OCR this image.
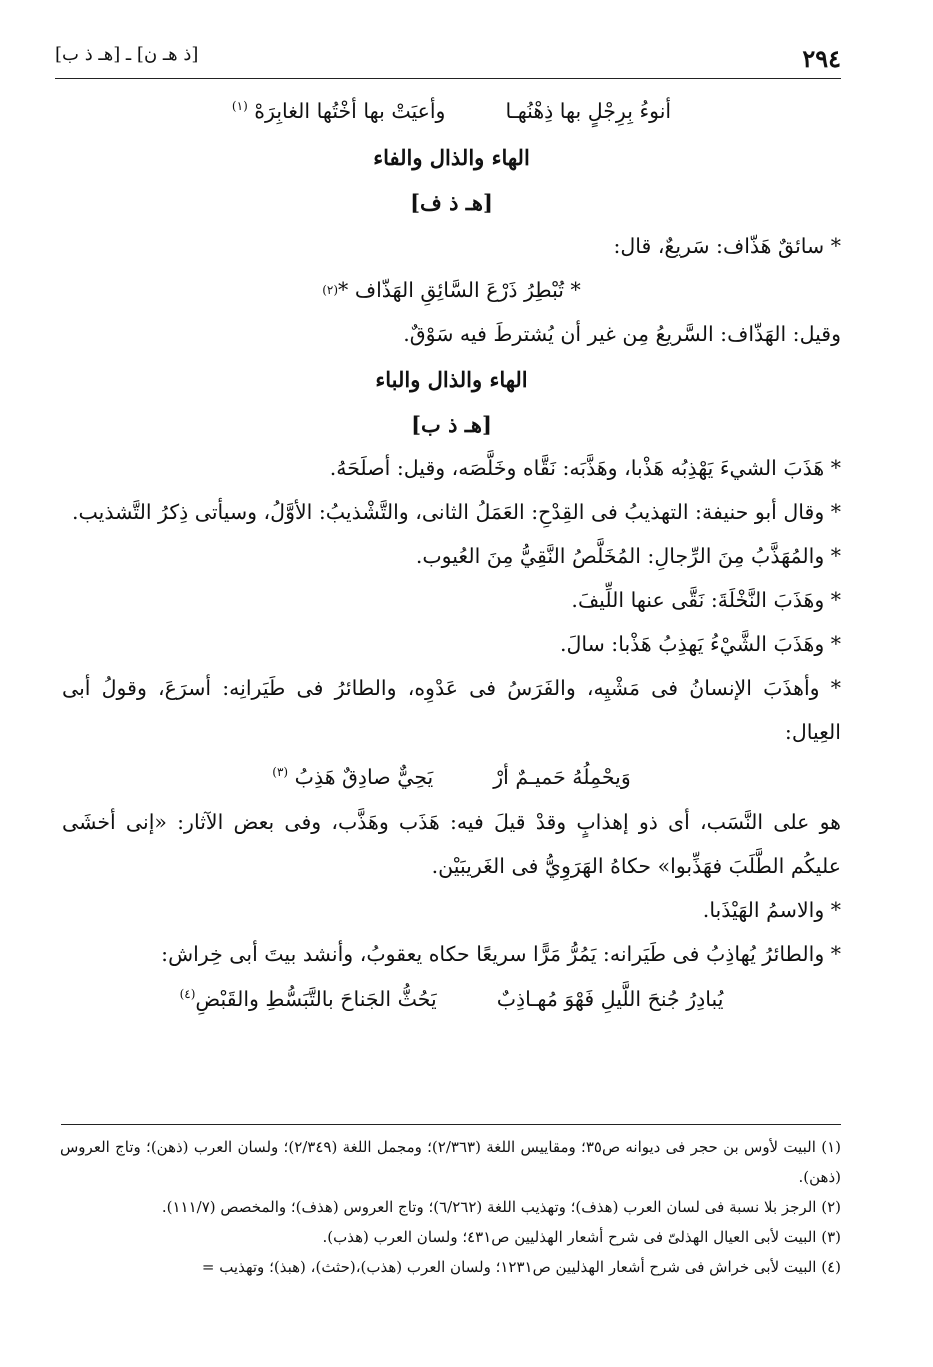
٢٩٤
[ذ هـ ن] ـ [هـ ذ ب]
أنوءُ بِرِجْلٍ بها ذِهْنُهـا
وأعيَتْ بها أخْتُها الغابِرَهْ $^{(١)}$
الهاء والذال والفاء
[هـ ذ ف]
* سائقٌ هَذّاف: سَريعٌ، قال:
* تُبْطِرُ ذَرْعَ السَّائِقِ الهَذّاف *
(٢)
وقيل: الهَذّاف: السَّريعُ مِن غير أن يُشترطَ فيه سَوْقٌ.
الهاء والذال والباء
[هـ ذ ب]
* هَذَبَ الشيءَ يَهْذِبُه هَذْبا، وهَذَّبَه: نَقَّاه وخَلَّصَه، وقيل: أصلَحَهُ.
* وقال أبو حنيفة: التهذيبُ فى القِدْحِ: العَمَلُ الثانى، والتَّشْذيبُ: الأوَّلُ، وسيأتى ذِكرُ التَّشذيب.
* والمُهَذَّبُ مِنَ الرِّجالِ: المُخَلَّصُ النَّقِيُّ مِنَ العُيوب.
* وهَذَبَ النَّخْلَةَ: نَقَّى عنها اللِّيفَ.
* وهَذَبَ الشَّيْءُ يَهذِبُ هَذْبا: سالَ.
* وأهذَبَ الإنسانُ فى مَشْيِه، والفَرَسُ فى عَدْوِه، والطائرُ فى طَيَرانِه: أسرَعَ، وقولُ أبى العِيال:
وَيحْمِلُهُ حَميـمٌ أرْ
يَحِيٌّ صادِقٌ هَذِبُ $^{(٣)}$
هو على النَّسَب، أى ذو إهذابٍ وقدْ قيلَ فيه: هَذَب وهَذَّب، وفى بعض الآثار: «إنى أخشَى عليكُم الطَّلَبَ فهَذِّبوا» حكاهُ الهَرَوِيُّ فى الغَريبَيْن.
* والاسمُ الهَيْذَبا.
* والطائرُ يُهاذِبُ فى طَيَرانه: يَمُرُّ مَرًّا سريعًا حكاه يعقوبُ، وأنشد بيتَ أبى خِراش:
يُبادِرُ جُنحَ اللَّيلِ فَهْوَ مُهـاذِبٌ
يَحُثُّ الجَناحَ بالتَّبَسُّطِ والقَبْضِ$^{(٤)}$

(١) البيت لأوس بن حجر فى ديوانه ص٣٥؛ ومقاييس اللغة (٢/٣٦٣)؛ ومجمل اللغة (٢/٣٤٩)؛ ولسان العرب (ذهن)؛ وتاج العروس (ذهن).

(٢) الرجز بلا نسبة فى لسان العرب (هذف)؛ وتهذيب اللغة (٦/٢٦٢)؛ وتاج العروس (هذف)؛ والمخصص (١١١/٧).

(٣) البيت لأبى العيال الهذلىّ فى شرح أشعار الهذليين ص٤٣١؛ ولسان العرب (هذب).

(٤) البيت لأبى خراش فى شرح أشعار الهذليين ص١٢٣١؛ ولسان العرب (هذب)،(حثث)، (هبذ)؛ وتهذيب =
